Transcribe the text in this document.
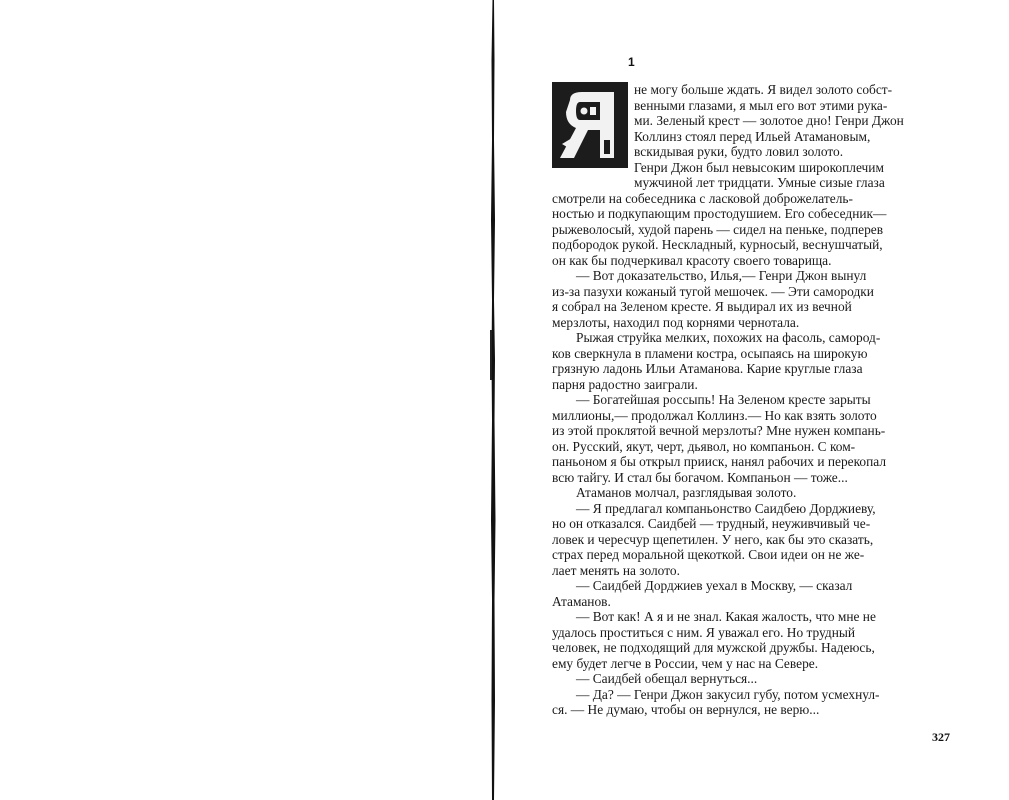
1
не могу больше ждать. Я видел золото собст-
венными глазами, я мыл его вот этими рука-
ми. Зеленый крест — золотое дно! Генри Джон
Коллинз стоял перед Ильей Атамановым,
вскидывая руки, будто ловил золото.
Генри Джон был невысоким широкоплечим
мужчиной лет тридцати. Умные сизые глаза
смотрели на собеседника с ласковой доброжелатель-
ностью и подкупающим простодушием. Его собеседник—
рыжеволосый, худой парень — сидел на пеньке, подперев
подбородок рукой. Нескладный, курносый, веснушчатый,
он как бы подчеркивал красоту своего товарища.
— Вот доказательство, Илья,— Генри Джон вынул
из-за пазухи кожаный тугой мешочек. — Эти самородки
я собрал на Зеленом кресте. Я выдирал их из вечной
мерзлоты, находил под корнями чернотала.
Рыжая струйка мелких, похожих на фасоль, самород-
ков сверкнула в пламени костра, осыпаясь на широкую
грязную ладонь Ильи Атаманова. Карие круглые глаза
парня радостно заиграли.
— Богатейшая россыпь! На Зеленом кресте зарыты
миллионы,— продолжал Коллинз.— Но как взять золото
из этой проклятой вечной мерзлоты? Мне нужен компань-
он. Русский, якут, черт, дьявол, но компаньон. С ком-
паньоном я бы открыл прииск, нанял рабочих и перекопал
всю тайгу. И стал бы богачом. Компаньон — тоже...
Атаманов молчал, разглядывая золото.
— Я предлагал компаньонство Саидбею Дорджиеву,
но он отказался. Саидбей — трудный, неуживчивый че-
ловек и чересчур щепетилен. У него, как бы это сказать,
страх перед моральной щекоткой. Свои идеи он не же-
лает менять на золото.
— Саидбей Дорджиев уехал в Москву, — сказал
Атаманов.
— Вот как! А я и не знал. Какая жалость, что мне не
удалось проститься с ним. Я уважал его. Но трудный
человек, не подходящий для мужской дружбы. Надеюсь,
ему будет легче в России, чем у нас на Севере.
— Саидбей обещал вернуться...
— Да? — Генри Джон закусил губу, потом усмехнул-
ся. — Не думаю, чтобы он вернулся, не верю...
327
